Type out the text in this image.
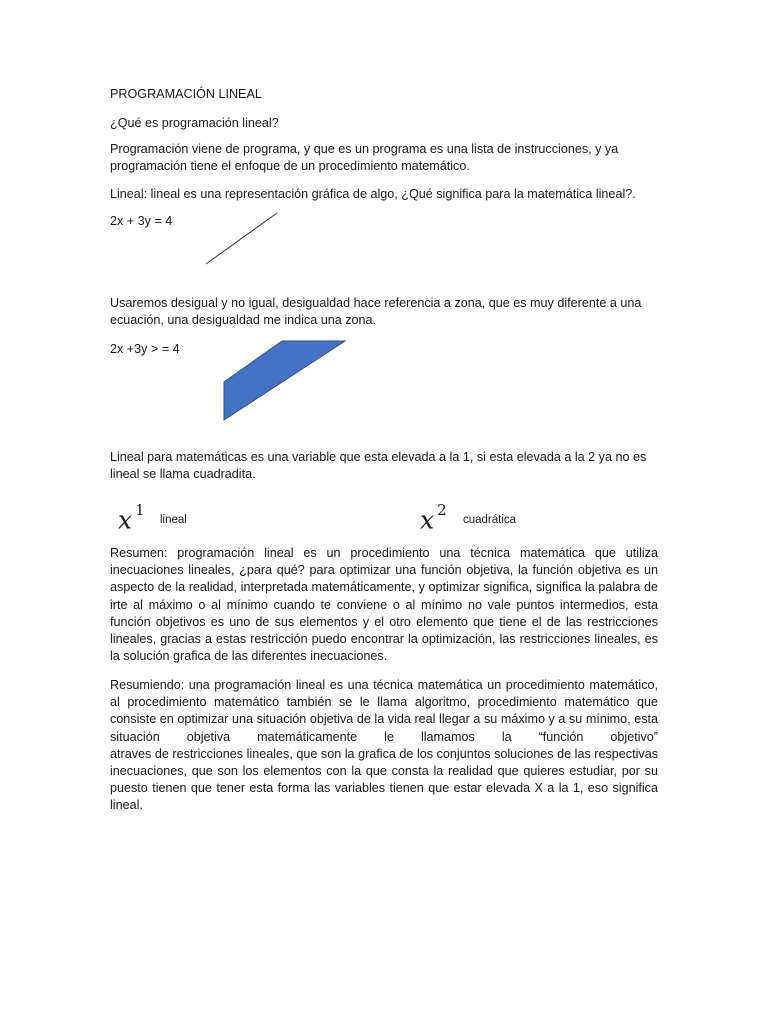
PROGRAMACIÓN LINEAL

¿Qué es programación lineal?

Programación viene de programa, y que es un programa es una lista de instrucciones, y ya programación tiene el enfoque de un procedimiento matemático.

Lineal: lineal es una representación gráfica de algo, ¿Qué significa para la matemática lineal?.

2x + 3y = 4

Usaremos desigual y no igual, desigualdad hace referencia a zona, que es muy diferente a una ecuación, una desigualdad me indica una zona.

2x +3y > = 4

Lineal para matemáticas es una variable que esta elevada a la 1, si esta elevada a la 2 ya no es lineal se llama cuadradita.

x $^1$
lineal	x $^2$
cuadrática

Resumen: programación lineal es un procedimiento una técnica matemática que utiliza inecuaciones lineales, ¿para qué? para optimizar una función objetiva, la función objetiva es un aspecto de la realidad, interpretada matemáticamente, y optimizar significa, significa la palabra de irte al máximo o al mínimo cuando te conviene o al mínimo no vale puntos intermedios, esta función objetivos es uno de sus elementos y el otro elemento que tiene el de las restricciones lineales, gracias a estas restricción puedo encontrar la optimización, las restricciones lineales, es la solución grafica de las diferentes inecuaciones.

Resumiendo: una programación lineal es una técnica matemática un procedimiento matemático, al procedimiento matemático también se le llama algoritmo, procedimiento matemático que consiste en optimizar una situación objetiva de la vida real llegar a su máximo y a su mínimo, esta situación objetiva matemáticamente le llamamos la “función objetivo”
atraves de restricciones lineales, que son la grafica de los conjuntos soluciones de las respectivas inecuaciones, que son los elementos con la que consta la realidad que quieres estudiar, por su puesto tienen que tener esta forma las variables tienen que estar elevada X a la 1, eso significa lineal.
